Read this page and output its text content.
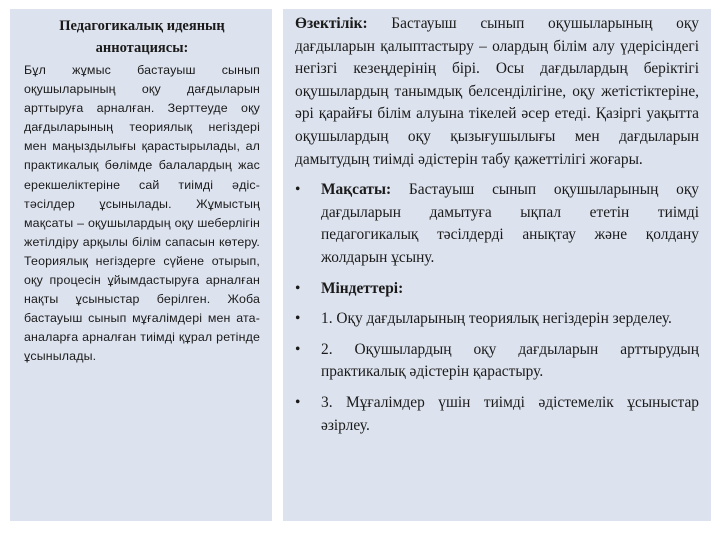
Педагогикалық идеяның аннотациясы:

Бұл жұмыс бастауыш сынып оқушыларының оқу дағдыларын арттыруға арналған. Зерттеуде оқу дағдыларының теориялық негіздері мен маңыздылығы қарастырылады, ал практикалық бөлімде балалардың жас ерекшеліктеріне сай тиімді әдіс-тәсілдер ұсынылады. Жұмыстың мақсаты – оқушылардың оқу шеберлігін жетілдіру арқылы білім сапасын көтеру. Теориялық негіздерге сүйене отырып, оқу процесін ұйымдастыруға арналған нақты ұсыныстар берілген. Жоба бастауыш сынып мұғалімдері мен ата-аналарға арналған тиімді құрал ретінде ұсынылады.

Өзектілік: Бастауыш сынып оқушыларының оқу дағдыларын қалыптастыру – олардың білім алу үдерісіндегі негізгі кезеңдерінің бірі. Осы дағдылардың беріктігі оқушылардың танымдық белсенділігіне, оқу жетістіктеріне, әрі қарайғы білім алуына тікелей әсер етеді. Қазіргі уақытта оқушылардың оқу қызығушылығы мен дағдыларын дамытудың тиімді әдістерін табу қажеттілігі жоғары.

•	Мақсаты: Бастауыш сынып оқушыларының оқу дағдыларын дамытуға ықпал ететін тиімді педагогикалық тәсілдерді анықтау және қолдану жолдарын ұсыну.
•	Міндеттері:
•	1. Оқу дағдыларының теориялық негіздерін зерделеу.
•	2. Оқушылардың оқу дағдыларын арттырудың практикалық әдістерін қарастыру.
•	3. Мұғалімдер үшін тиімді әдістемелік ұсыныстар әзірлеу.
